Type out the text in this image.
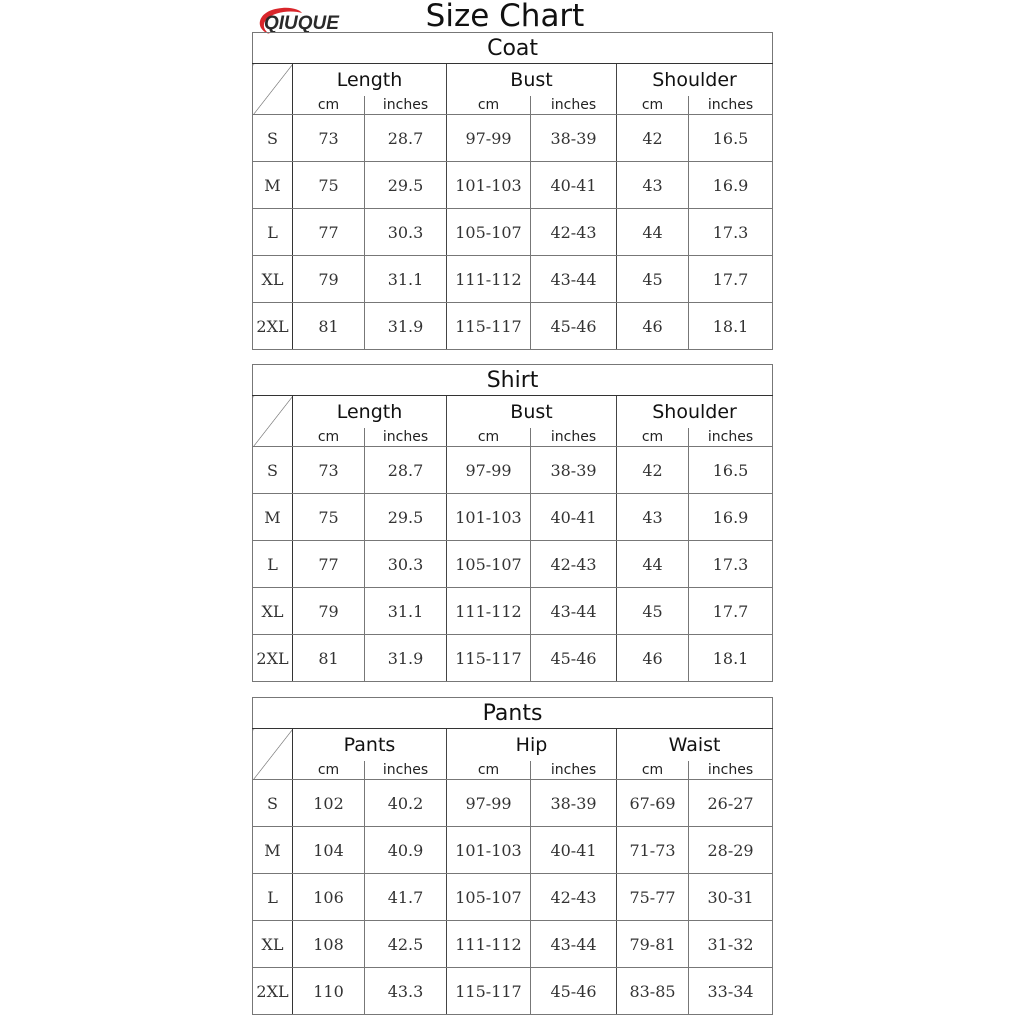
QIUQUE	Size Chart
Coat						
	Length		Bust		Shoulder	
	cm	inches	cm	inches	cm	inches
S	73	28.7	97-99	38-39	42	16.5
M	75	29.5	101-103	40-41	43	16.9
L	77	30.3	105-107	42-43	44	17.3
XL	79	31.1	111-112	43-44	45	17.7
2XL	81	31.9	115-117	45-46	46	18.1
Shirt						
	Length		Bust		Shoulder	
	cm	inches	cm	inches	cm	inches
S	73	28.7	97-99	38-39	42	16.5
M	75	29.5	101-103	40-41	43	16.9
L	77	30.3	105-107	42-43	44	17.3
XL	79	31.1	111-112	43-44	45	17.7
2XL	81	31.9	115-117	45-46	46	18.1
Pants						
	Pants		Hip		Waist	
	cm	inches	cm	inches	cm	inches
S	102	40.2	97-99	38-39	67-69	26-27
M	104	40.9	101-103	40-41	71-73	28-29
L	106	41.7	105-107	42-43	75-77	30-31
XL	108	42.5	111-112	43-44	79-81	31-32
2XL	110	43.3	115-117	45-46	83-85	33-34
